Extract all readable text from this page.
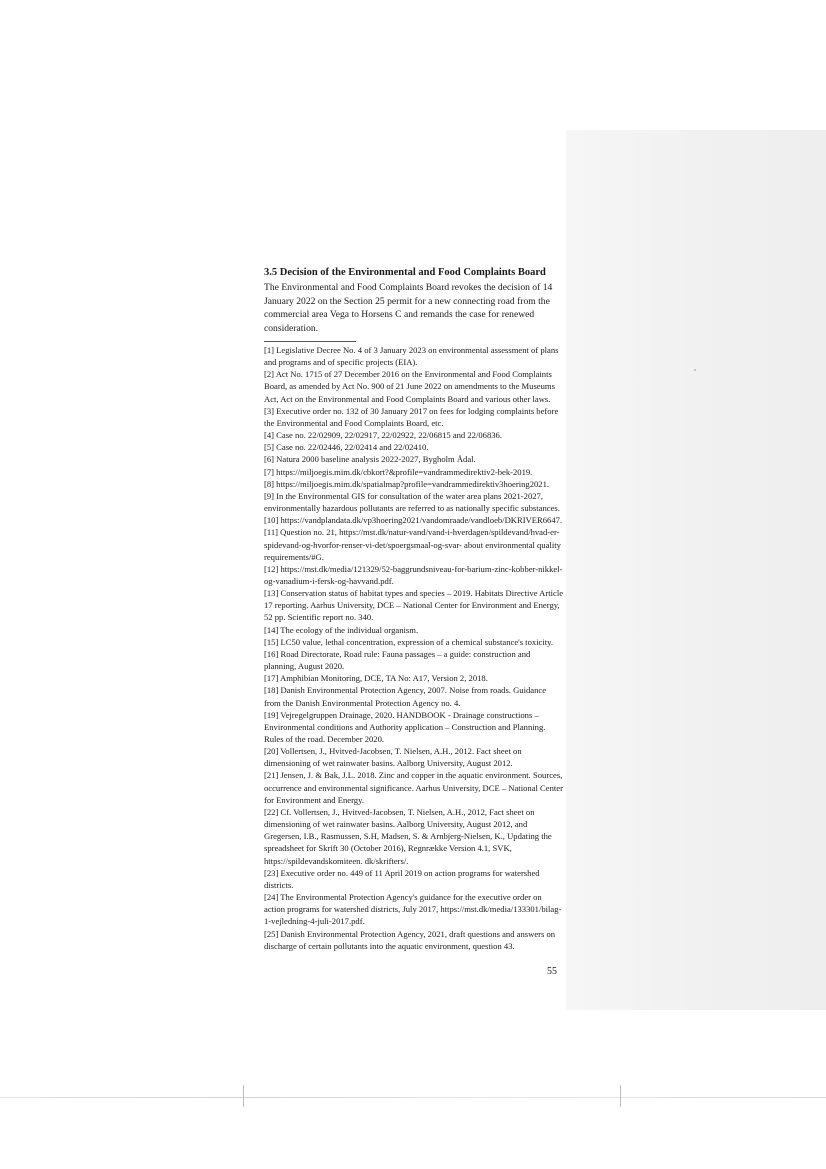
3.5 Decision of the Environmental and Food Complaints Board
The Environmental and Food Complaints Board revokes the decision of 14 January 2022 on the Section 25 permit for a new connecting road from the commercial area Vega to Horsens C and remands the case for renewed consideration.

[1] Legislative Decree No. 4 of 3 January 2023 on environmental assessment of plans and programs and of specific projects (EIA).

[2] Act No. 1715 of 27 December 2016 on the Environmental and Food Complaints Board, as amended by Act No. 900 of 21 June 2022 on amendments to the Museums Act, Act on the Environmental and Food Complaints Board and various other laws.

[3] Executive order no. 132 of 30 January 2017 on fees for lodging complaints before the Environmental and Food Complaints Board, etc.

[4] Case no. 22/02909, 22/02917, 22/02922, 22/06815 and 22/06836.

[5] Case no. 22/02446, 22/02414 and 22/02410.

[6] Natura 2000 baseline analysis 2022-2027, Bygholm Ådal.

[7] https://miljoegis.mim.dk/cbkort?&profile=vandrammedirektiv2-bek-2019.

[8] https://miljoegis.mim.dk/spatialmap?profile=vandrammedirektiv3hoering2021.

[9] In the Environmental GIS for consultation of the water area plans 2021-2027, environmentally hazardous pollutants are referred to as nationally specific substances.

[10] https://vandplandata.dk/vp3hoering2021/vandomraade/vandloeb/DKRIVER6647.

[11] Question no. 21, https://mst.dk/natur-vand/vand-i-hverdagen/spildevand/hvad-er-spidevand-og-hvorfor-renser-vi-det/spoergsmaal-og-svar- about environmental quality requirements/#G.

[12] https://mst.dk/media/121329/52-baggrundsniveau-for-barium-zinc-kobber-nikkel-og-vanadium-i-fersk-og-havvand.pdf.

[13] Conservation status of habitat types and species – 2019. Habitats Directive Article 17 reporting. Aarhus University, DCE – National Center for Environment and Energy, 52 pp. Scientific report no. 340.

[14] The ecology of the individual organism.

[15] LC50 value, lethal concentration, expression of a chemical substance's toxicity.

[16] Road Directorate, Road rule: Fauna passages – a guide: construction and planning, August 2020.

[17] Amphibian Monitoring, DCE, TA No: A17, Version 2, 2018.

[18] Danish Environmental Protection Agency, 2007. Noise from roads. Guidance from the Danish Environmental Protection Agency no. 4.

[19] Vejregelgruppen Drainage, 2020. HANDBOOK - Drainage constructions – Environmental conditions and Authority application – Construction and Planning. Rules of the road. December 2020.

[20] Vollertsen, J., Hvitved-Jacobsen, T. Nielsen, A.H., 2012. Fact sheet on dimensioning of wet rainwater basins. Aalborg University, August 2012.

[21] Jensen, J. & Bak, J.L. 2018. Zinc and copper in the aquatic environment. Sources, occurrence and environmental significance. Aarhus University, DCE – National Center for Environment and Energy.

[22] Cf. Vollertsen, J., Hvitved-Jacobsen, T. Nielsen, A.H., 2012, Fact sheet on dimensioning of wet rainwater basins. Aalborg University, August 2012, and Gregersen, I.B., Rasmussen, S.H, Madsen, S. & Arnbjerg-Nielsen, K., Updating the spreadsheet for Skrift 30 (October 2016), Regnrække Version 4.1, SVK, https://spildevandskomiteen. dk/skrifters/.

[23] Executive order no. 449 of 11 April 2019 on action programs for watershed districts.

[24] The Environmental Protection Agency's guidance for the executive order on action programs for watershed districts, July 2017, https://mst.dk/media/133301/bilag-1-vejledning-4-juli-2017.pdf.

[25] Danish Environmental Protection Agency, 2021, draft questions and answers on discharge of certain pollutants into the aquatic environment, question 43.

55
